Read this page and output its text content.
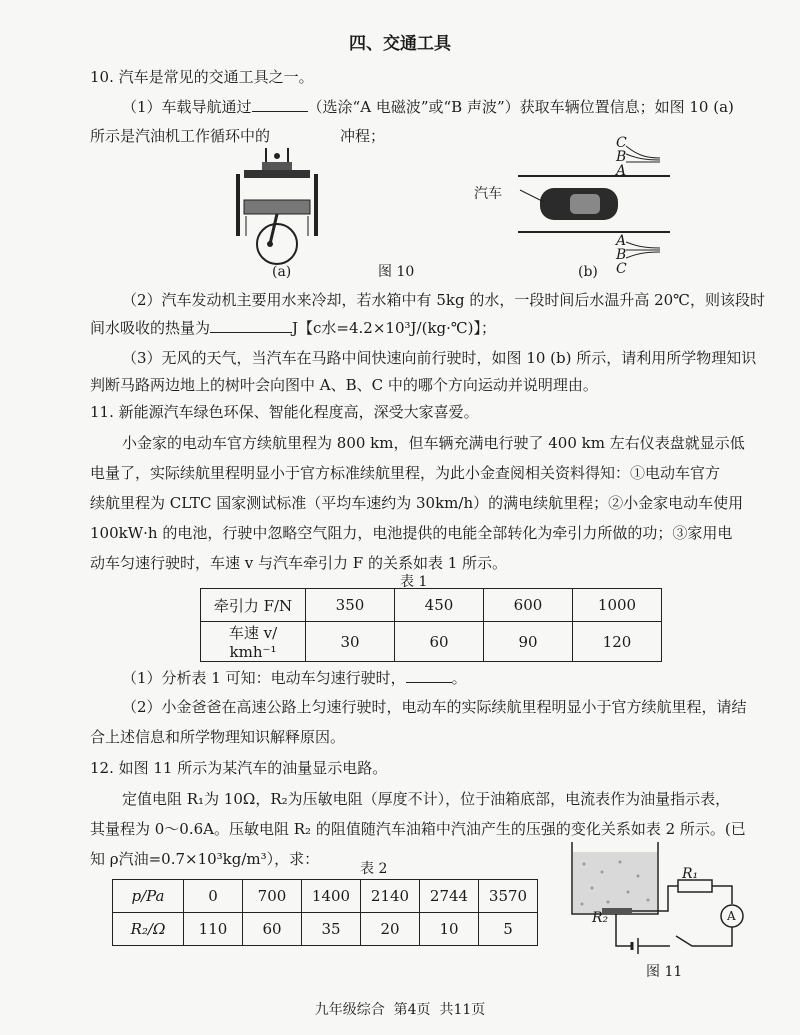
四、交通工具
10. 汽车是常见的交通工具之一。
（1）车载导航通过	（选涂“A 电磁波”或“B 声波”）获取车辆位置信息；如图 10 (a)
所示是汽油机工作循环中的	冲程；
(a)	图 10
C
B
A
A
B
C
汽车
(b)
（2）汽车发动机主要用水来冷却，若水箱中有 5kg 的水，一段时间后水温升高 20℃，则该段时
间水吸收的热量为	J【c水=4.2×10³J/(kg·℃)】；
（3）无风的天气，当汽车在马路中间快速向前行驶时，如图 10 (b) 所示，请利用所学物理知识
判断马路两边地上的树叶会向图中 A、B、C 中的哪个方向运动并说明理由。
11. 新能源汽车绿色环保、智能化程度高，深受大家喜爱。
小金家的电动车官方续航里程为 800 km，但车辆充满电行驶了 400 km 左右仪表盘就显示低
电量了，实际续航里程明显小于官方标准续航里程，为此小金查阅相关资料得知：①电动车官方
续航里程为 CLTC 国家测试标准（平均车速约为 30km/h）的满电续航里程；②小金家电动车使用
100kW·h 的电池，行驶中忽略空气阻力，电池提供的电能全部转化为牵引力所做的功；③家用电
动车匀速行驶时，车速 v 与汽车牵引力 F 的关系如表 1 所示。
表 1
牵引力 F/N	350	450	600	1000
车速 v/ kmh⁻¹	30	60	90	120
（1）分析表 1 可知：电动车匀速行驶时，	。
（2）小金爸爸在高速公路上匀速行驶时，电动车的实际续航里程明显小于官方续航里程，请结
合上述信息和所学物理知识解释原因。
12. 如图 11 所示为某汽车的油量显示电路。
定值电阻 R₁为 10Ω，R₂为压敏电阻（厚度不计），位于油箱底部，电流表作为油量指示表，
其量程为 0～0.6A。压敏电阻 R₂ 的阻值随汽车油箱中汽油产生的压强的变化关系如表 2 所示。(已
知 ρ汽油=0.7×10³kg/m³），求：
表 2
p/Pa	0	700	1400	2140	2744	3570
R₂/Ω	110	60	35	20	10	5
R₁
R₂	A
图 11
九年级综合  第4页  共11页
